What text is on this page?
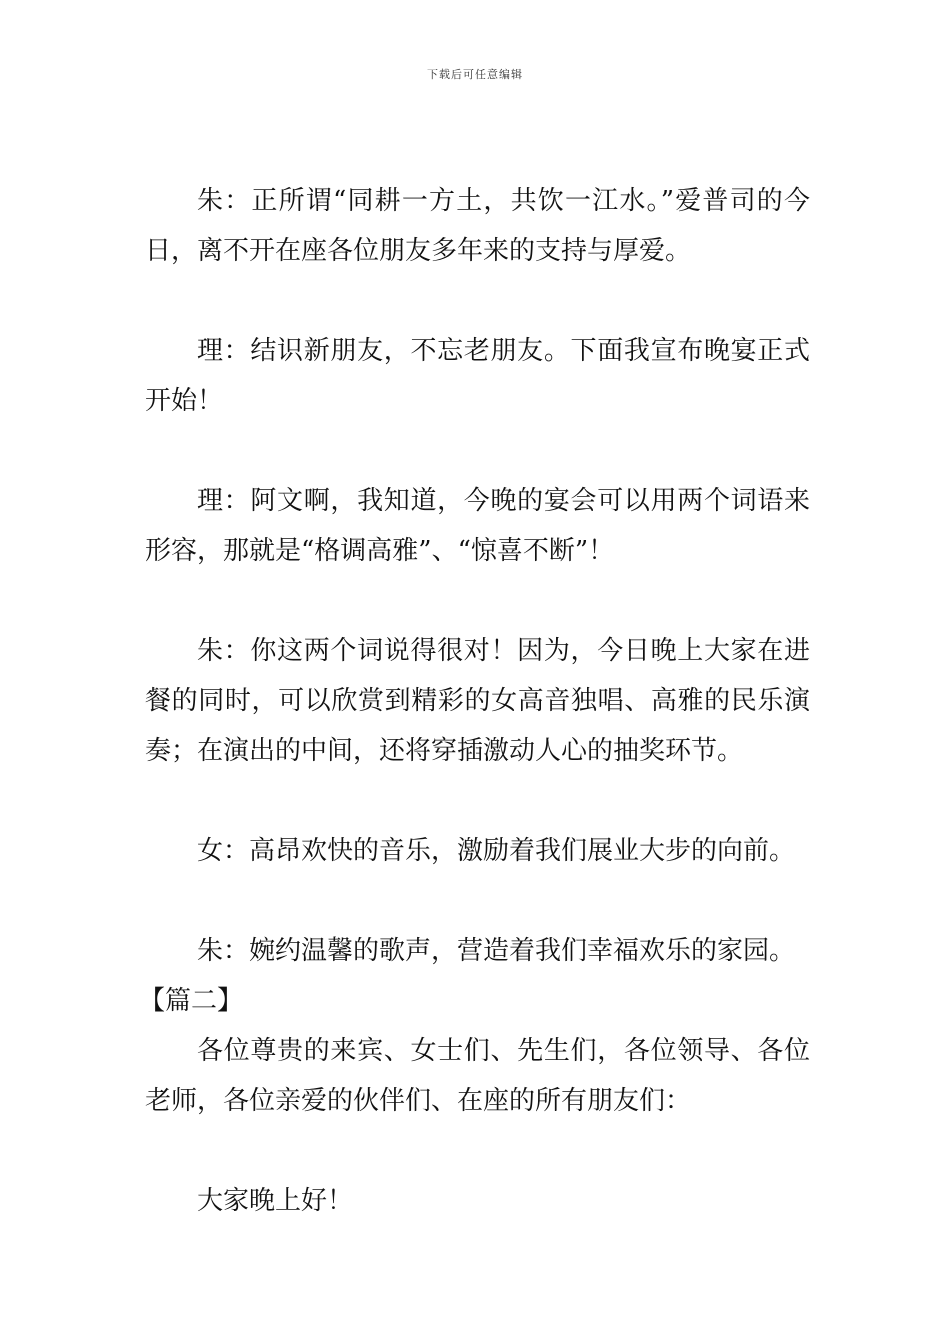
下载后可任意编辑

朱：正所谓“同耕一方土，共饮一江水。”爱普司的今日，离不开在座各位朋友多年来的支持与厚爱。

理：结识新朋友，不忘老朋友。下面我宣布晚宴正式开始！

理：阿文啊，我知道，今晚的宴会可以用两个词语来形容，那就是“格调高雅”、“惊喜不断”！

朱：你这两个词说得很对！因为，今日晚上大家在进餐的同时，可以欣赏到精彩的女高音独唱、高雅的民乐演奏；在演出的中间，还将穿插激动人心的抽奖环节。

女：高昂欢快的音乐，激励着我们展业大步的向前。

朱：婉约温馨的歌声，营造着我们幸福欢乐的家园。

【篇二】

各位尊贵的来宾、女士们、先生们，各位领导、各位老师，各位亲爱的伙伴们、在座的所有朋友们：

大家晚上好！
